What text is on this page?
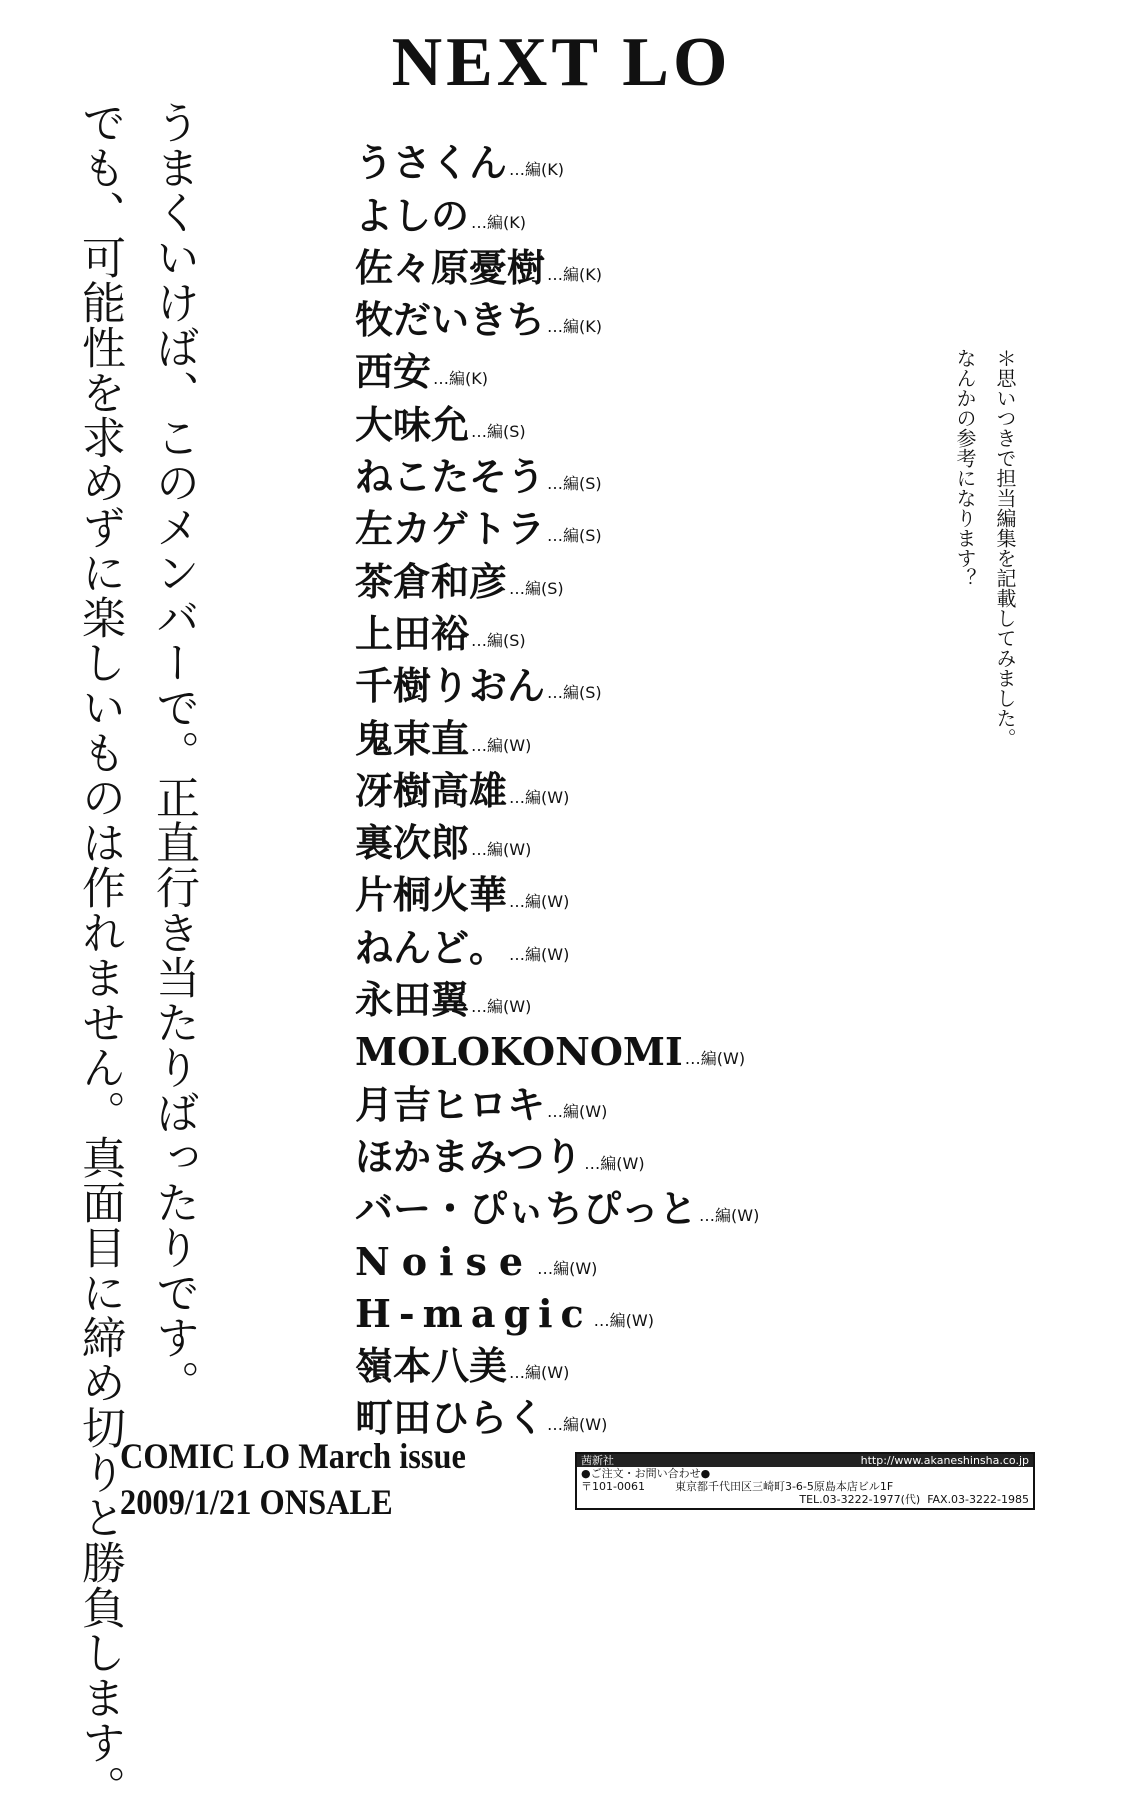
NEXT LO
うまくいけば、このメンバーで。正直行き当たりばったりです。
でも、可能性を求めずに楽しいものは作れません。真面目に締め切りと勝負します。	うさくん …編(K)
よしの …編(K)
佐々原憂樹 …編(K)
牧だいきち …編(K)
西安 …編(K)
大味允 …編(S)
ねこたそう …編(S)
左カゲトラ …編(S)
茶倉和彦 …編(S)
上田裕 …編(S)
千樹りおん …編(S)
鬼束直 …編(W)
冴樹高雄 …編(W)
裏次郎 …編(W)
片桐火華 …編(W)
ねんど。 …編(W)
永田翼 …編(W)
MOLOKONOMI …編(W)
月吉ヒロキ …編(W)
ほかまみつり …編(W)
バー・ぴぃちぴっと …編(W)
Noise …編(W)
H-magic …編(W)
嶺本八美 …編(W)
町田ひらく …編(W)
＊思いつきで担当編集を記載してみました。
なんかの参考になります？
COMIC LO March issue
2009/1/21 ONSALE
茜新社	http://www.akaneshinsha.co.jp
●ご注文・お問い合わせ●
〒101-0061	東京都千代田区三崎町3-6-5原島本店ビル1F
TEL.03-3222-1977(代) FAX.03-3222-1985
